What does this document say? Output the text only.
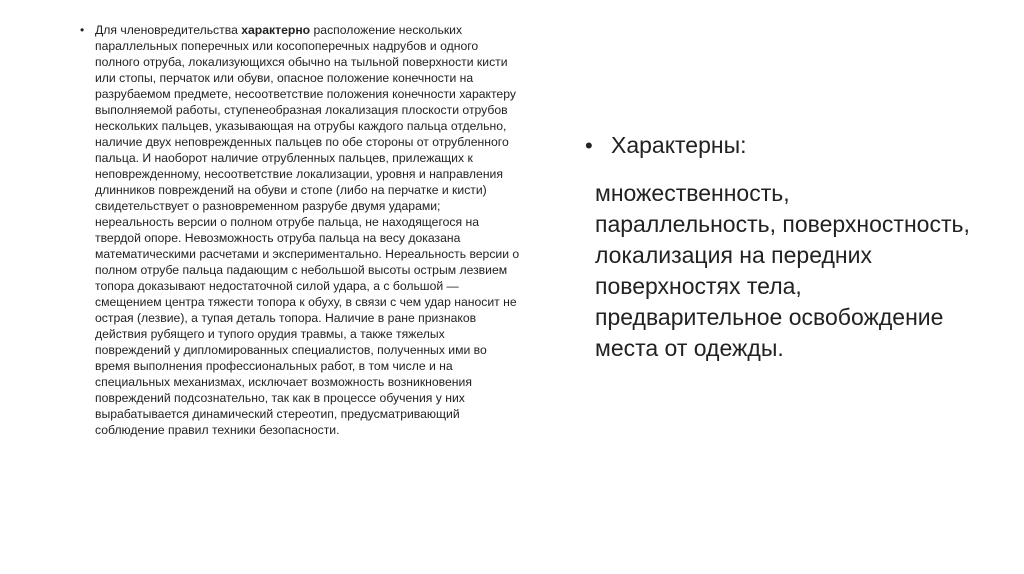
• Для членовредительства характерно расположение нескольких параллельных поперечных или косопоперечных надрубов и одного полного отруба, локализующихся обычно на тыльной поверхности кисти или стопы, перчаток или обуви, опасное положение конечности на разрубаемом предмете, несоответствие положения конечности характеру выполняемой работы, ступенеобразная локализация плоскости отрубов нескольких пальцев, указывающая на отрубы каждого пальца отдельно, наличие двух неповрежденных пальцев по обе стороны от отрубленного пальца. И наоборот наличие отрубленных пальцев, прилежащих к неповрежденному, несоответствие локализации, уровня и направления длинников повреждений на обуви и стопе (либо на перчатке и кисти) свидетельствует о разновременном разрубе двумя ударами; нереальность версии о полном отрубе пальца, не находящегося на твердой опоре. Невозможность отруба пальца на весу доказана математическими расчетами и экспериментально. Нереальность версии о полном отрубе пальца падающим с небольшой высоты острым лезвием топора доказывают недостаточной силой удара, а с большой — смещением центра тяжести топора к обуху, в связи с чем удар наносит не острая (лезвие), а тупая деталь топора. Наличие в ране признаков действия рубящего и тупого орудия травмы, а также тяжелых повреждений у дипломированных специалистов, полученных ими во время выполнения профессиональных работ, в том числе и на специальных механизмах, исключает возможность возникновения повреждений подсознательно, так как в процессе обучения у них вырабатывается динамический стереотип, предусматривающий соблюдение правил техники безопасности.
• Характерны:
множественность, параллельность, поверхностность, локализация на передних поверхностях тела, предварительное освобождение места от одежды.
